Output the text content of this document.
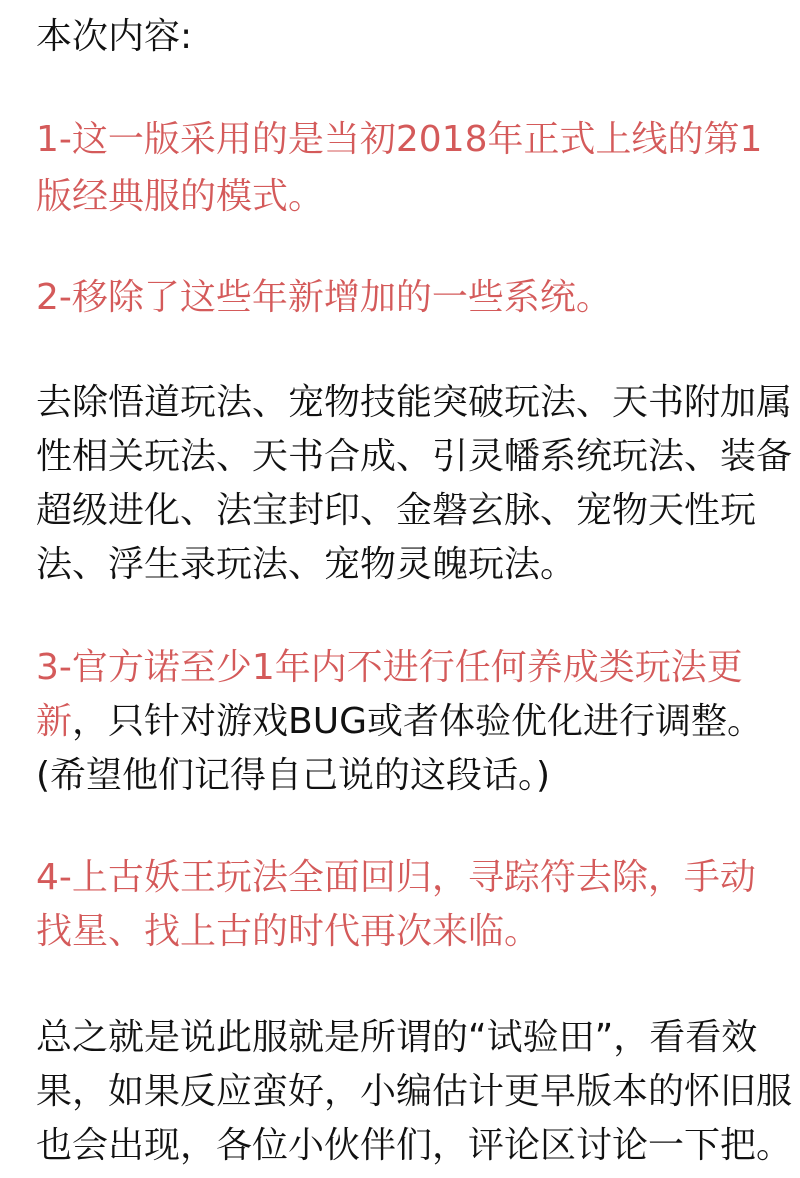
本次内容:
1-这一版采用的是当初2018年正式上线的第1
版经典服的模式。
2-移除了这些年新增加的一些系统。
去除悟道玩法、宠物技能突破玩法、天书附加属
性相关玩法、天书合成、引灵幡系统玩法、装备
超级进化、法宝封印、金磐玄脉、宠物天性玩
法、浮生录玩法、宠物灵魄玩法。
3-官方诺至少1年内不进行任何养成类玩法更
新，只针对游戏BUG或者体验优化进行调整。
(希望他们记得自己说的这段话。)
4-上古妖王玩法全面回归，寻踪符去除，手动
找星、找上古的时代再次来临。
总之就是说此服就是所谓的“试验田”，看看效
果，如果反应蛮好，小编估计更早版本的怀旧服
也会出现，各位小伙伴们，评论区讨论一下把。
